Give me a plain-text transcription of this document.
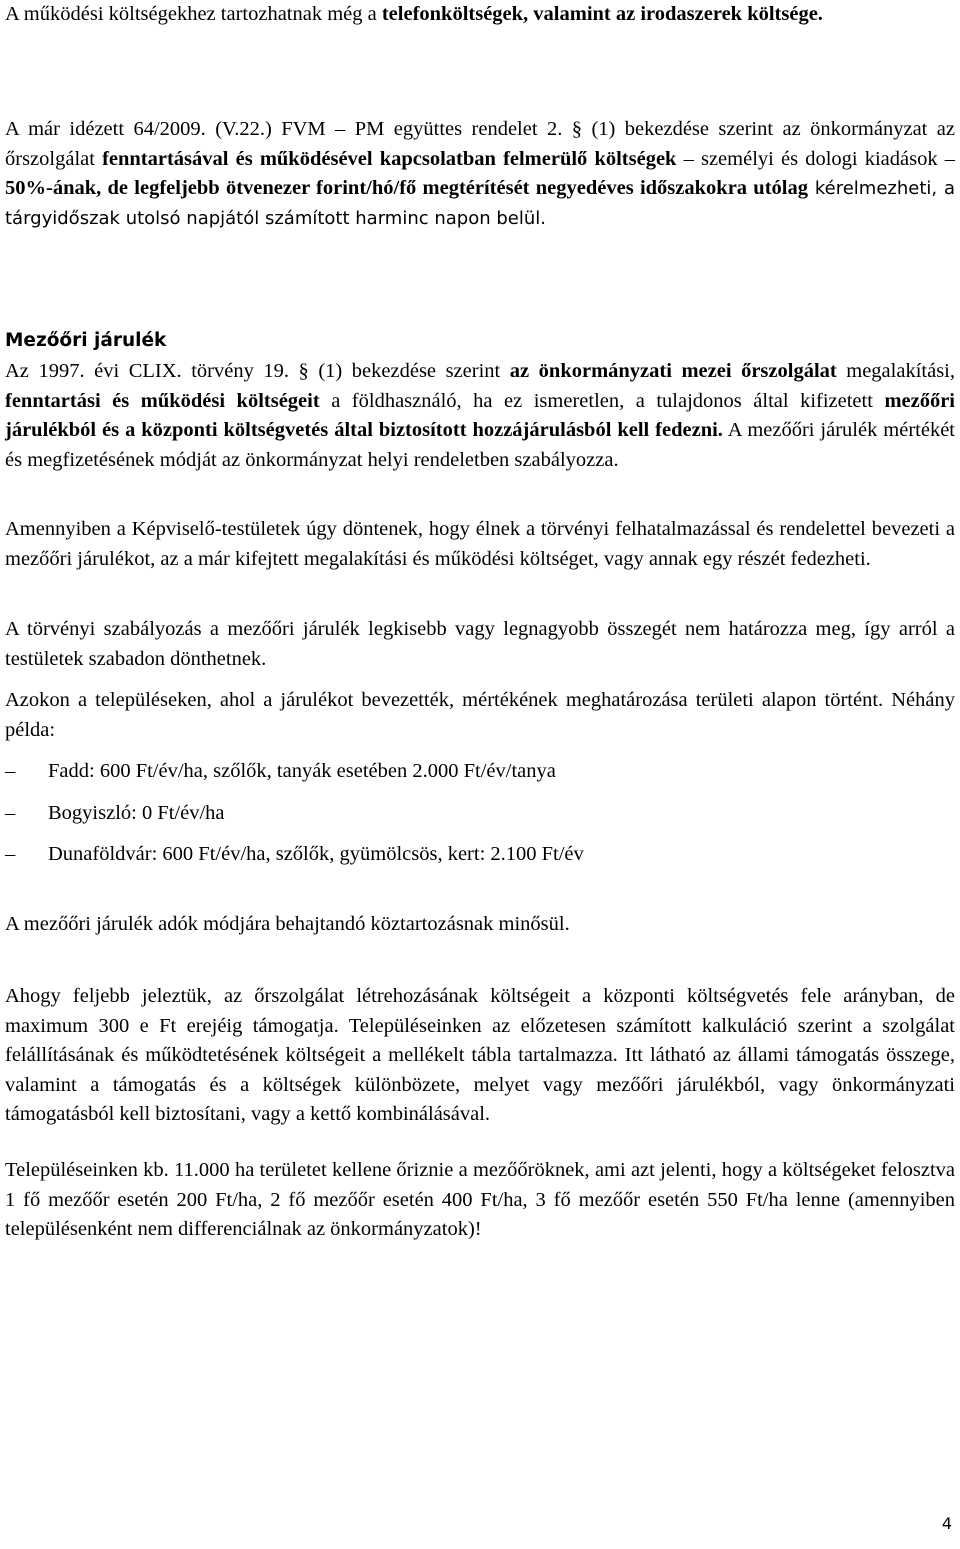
A működési költségekhez tartozhatnak még a telefonköltségek, valamint az irodaszerek költsége.

A már idézett 64/2009. (V.22.) FVM – PM együttes rendelet 2. § (1) bekezdése szerint az önkormányzat az őrszolgálat fenntartásával és működésével kapcsolatban felmerülő költségek – személyi és dologi kiadások – 50%-ának, de legfeljebb ötvenezer forint/hó/fő megtérítését negyedéves időszakokra utólag kérelmezheti, a tárgyidőszak utolsó napjától számított harminc napon belül.

Mezőőri járulék

Az 1997. évi CLIX. törvény 19. § (1) bekezdése szerint az önkormányzati mezei őrszolgálat megalakítási, fenntartási és működési költségeit a földhasználó, ha ez ismeretlen, a tulajdonos által kifizetett mezőőri járulékból és a központi költségvetés által biztosított hozzájárulásból kell fedezni. A mezőőri járulék mértékét és megfizetésének módját az önkormányzat helyi rendeletben szabályozza.

Amennyiben a Képviselő-testületek úgy döntenek, hogy élnek a törvényi felhatalmazással és rendelettel bevezeti a mezőőri járulékot, az a már kifejtett megalakítási és működési költséget, vagy annak egy részét fedezheti.

A törvényi szabályozás a mezőőri járulék legkisebb vagy legnagyobb összegét nem határozza meg, így arról a testületek szabadon dönthetnek.

Azokon a településeken, ahol a járulékot bevezették, mértékének meghatározása területi alapon történt. Néhány példa:

–	Fadd: 600 Ft/év/ha, szőlők, tanyák esetében 2.000 Ft/év/tanya
–	Bogyiszló: 0 Ft/év/ha
–	Dunaföldvár: 600 Ft/év/ha, szőlők, gyümölcsös, kert: 2.100 Ft/év

A mezőőri járulék adók módjára behajtandó köztartozásnak minősül.

Ahogy feljebb jeleztük, az őrszolgálat létrehozásának költségeit a központi költségvetés fele arányban, de maximum 300 e Ft erejéig támogatja. Településeinken az előzetesen számított kalkuláció szerint a szolgálat felállításának és működtetésének költségeit a mellékelt tábla tartalmazza. Itt látható az állami támogatás összege, valamint a támogatás és a költségek különbözete, melyet vagy mezőőri járulékból, vagy önkormányzati támogatásból kell biztosítani, vagy a kettő kombinálásával.

Településeinken kb. 11.000 ha területet kellene őriznie a mezőőröknek, ami azt jelenti, hogy a költségeket felosztva 1 fő mezőőr esetén 200 Ft/ha, 2 fő mezőőr esetén 400 Ft/ha, 3 fő mezőőr esetén 550 Ft/ha lenne (amennyiben településenként nem differenciálnak az önkormányzatok)!

4
